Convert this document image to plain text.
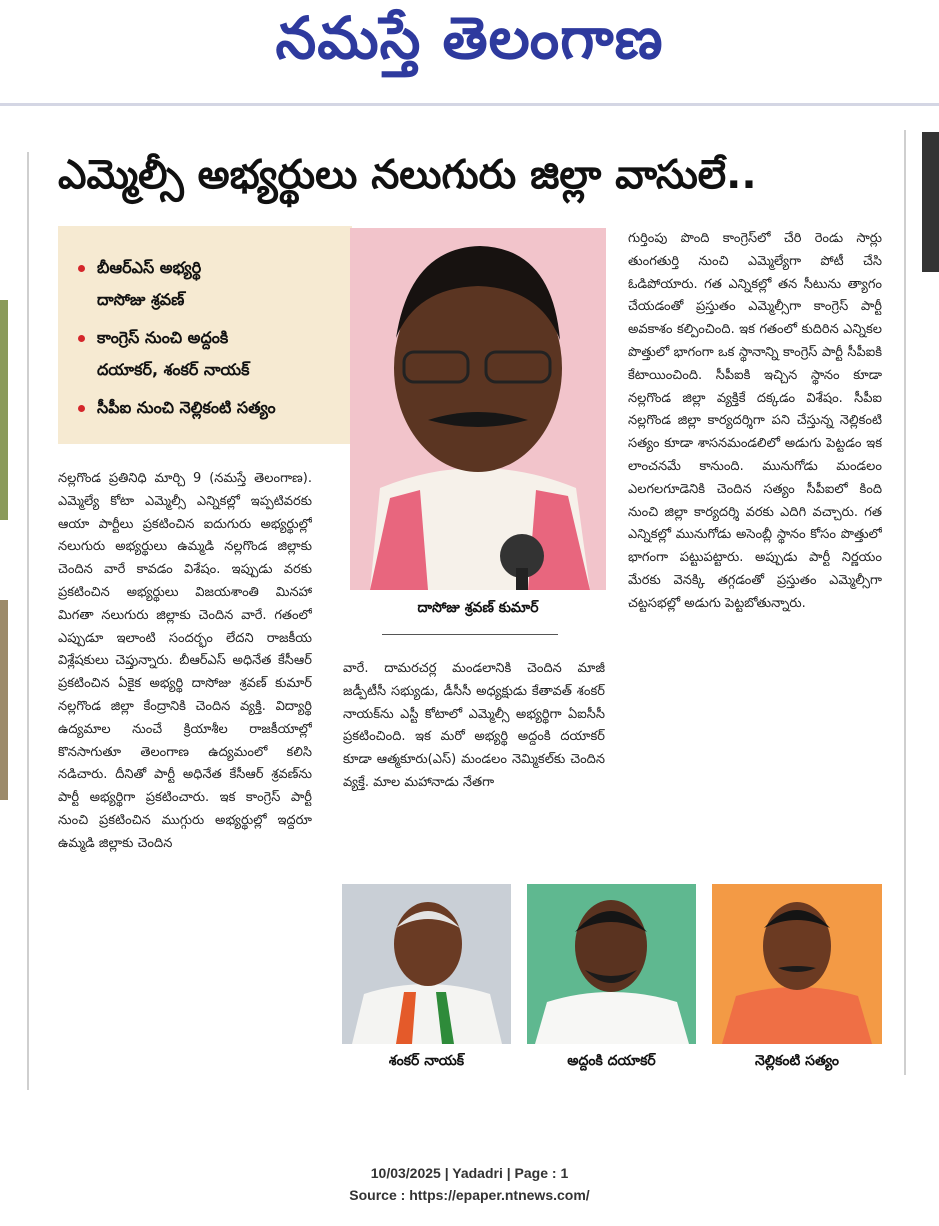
నమస్తే తెలంగాణ
ఎమ్మెల్సీ అభ్యర్థులు నలుగురు జిల్లా వాసులే..
బీఆర్ఎస్ అభ్యర్థి
దాసోజు శ్రవణ్
కాంగ్రెస్ నుంచి అద్దంకి
దయాకర్, శంకర్ నాయక్
సీపీఐ నుంచి నెల్లికంటి సత్యం
దాసోజు శ్రవణ్ కుమార్
నల్లగొండ ప్రతినిధి మార్చి 9 (నమస్తే తెలంగాణ). ఎమ్మెల్యే కోటా ఎమ్మెల్సీ ఎన్నికల్లో ఇప్పటివరకు ఆయా పార్టీలు ప్రకటించిన ఐదుగురు అభ్యర్థుల్లో నలుగురు అభ్యర్థులు ఉమ్మడి నల్లగొండ జిల్లాకు చెందిన వారే కావడం విశేషం. ఇప్పుడు వరకు ప్రకటించిన అభ్యర్థులు విజయశాంతి మినహా మిగతా నలుగురు జిల్లాకు చెందిన వారే. గతంలో ఎప్పుడూ ఇలాంటి సందర్భం లేదని రాజకీయ విశ్లేషకులు చెప్తున్నారు. బీఆర్ఎస్ అధినేత కేసీఆర్ ప్రకటించిన ఏకైక అభ్యర్థి దాసోజు శ్రవణ్ కుమార్ నల్లగొండ జిల్లా కేంద్రానికి చెందిన వ్యక్తి. విద్యార్థి ఉద్యమాల నుంచే క్రియాశీల రాజకీయాల్లో కొనసాగుతూ తెలంగాణ ఉద్యమంలో కలిసి నడిచారు. దీనితో పార్టీ అధినేత కేసీఆర్ శ్రవణ్‌ను పార్టీ అభ్యర్థిగా ప్రకటించారు. ఇక కాంగ్రెస్ పార్టీ నుంచి ప్రకటించిన ముగ్గురు అభ్యర్థుల్లో ఇద్దరూ ఉమ్మడి జిల్లాకు చెందిన
వారే. దామరచర్ల మండలానికి చెందిన మాజీ జడ్పీటీసీ సభ్యుడు, డీసీసీ అధ్యక్షుడు కేతావత్ శంకర్ నాయక్‌ను ఎస్టీ కోటాలో ఎమ్మెల్సీ అభ్యర్థిగా ఏఐసీసీ ప్రకటించింది. ఇక మరో అభ్యర్థి అద్దంకి దయాకర్ కూడా ఆత్మకూరు(ఎస్) మండలం నెమ్మికల్‌కు చెందిన వ్యక్తే. మాల మహానాడు నేతగా
గుర్తింపు పొంది కాంగ్రెస్‌లో చేరి రెండు సార్లు తుంగతుర్తి నుంచి ఎమ్మెల్యేగా పోటీ చేసి ఓడిపోయారు. గత ఎన్నికల్లో తన సీటును త్యాగం చేయడంతో ప్రస్తుతం ఎమ్మెల్సీగా కాంగ్రెస్ పార్టీ అవకాశం కల్పించింది. ఇక గతంలో కుదిరిన ఎన్నికల పొత్తులో భాగంగా ఒక స్థానాన్ని కాంగ్రెస్ పార్టీ సీపీఐకి కేటాయించింది. సీపీఐకి ఇచ్చిన స్థానం కూడా నల్లగొండ జిల్లా వ్యక్తికే దక్కడం విశేషం. సీపీఐ నల్లగొండ జిల్లా కార్యదర్శిగా పని చేస్తున్న నెల్లికంటి సత్యం కూడా శాసనమండలిలో అడుగు పెట్టడం ఇక లాంచనమే కానుంది. మునుగోడు మండలం ఎలగలగూడెనికి చెందిన సత్యం సీపీఐలో కింది నుంచి జిల్లా కార్యదర్శి వరకు ఎదిగి వచ్చారు. గత ఎన్నికల్లో మునుగోడు అసెంబ్లీ స్థానం కోసం పొత్తులో భాగంగా పట్టుపట్టారు. అప్పుడు పార్టీ నిర్ణయం మేరకు వెనక్కి తగ్గడంతో ప్రస్తుతం ఎమ్మెల్సీగా చట్టసభల్లో అడుగు పెట్టబోతున్నారు.
శంకర్ నాయక్	అద్దంకి దయాకర్	నెల్లికంటి సత్యం
10/03/2025 | Yadadri | Page : 1
Source : https://epaper.ntnews.com/
